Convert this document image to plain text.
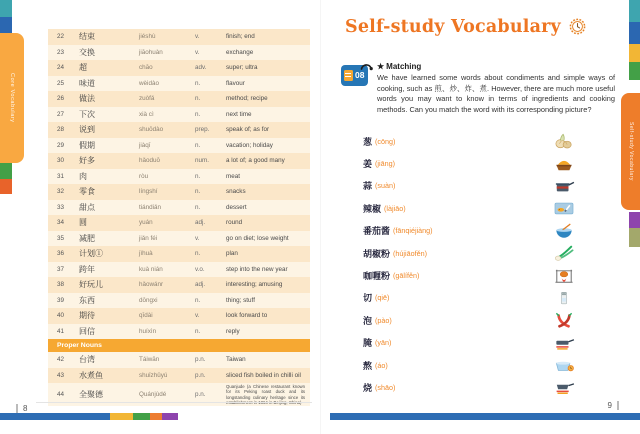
Core Vocabulary
22	结束	jiéshù	v.	finish; end
23	交换	jiāohuàn	v.	exchange
24	超	chāo	adv.	super; ultra
25	味道	wèidào	n.	flavour
26	做法	zuòfǎ	n.	method; recipe
27	下次	xià cì	n.	next time
28	说到	shuōdào	prep.	speak of; as for
29	假期	jiàqī	n.	vacation; holiday
30	好多	hǎoduō	num.	a lot of; a good many
31	肉	ròu	n.	meat
32	零食	língshí	n.	snacks
33	甜点	tiándiǎn	n.	dessert
34	圆	yuán	adj.	round
35	减肥	jiǎn féi	v.	go on diet; lose weight
36	计划①	jìhuà	n.	plan
37	跨年	kuà nián	v.o.	step into the new year
38	好玩儿	hǎowánr	adj.	interesting; amusing
39	东西	dōngxi	n.	thing; stuff
40	期待	qīdài	v.	look forward to
41	回信	huíxìn	n.	reply
Proper Nouns
42	台湾	Táiwān	p.n.	Taiwan
43	水煮鱼	shuǐzhǔyú	p.n.	sliced fish boiled in chilli oil
44	全聚德	Quánjùdé	p.n.
Quanjude (a Chinese restaurant known for its Peking roast duck and its longstanding culinary heritage since its establishment in 1864 in Beijing, China)
8
Self-study Vocabulary
08
★ Matching
We have learned some words about condiments and simple ways of cooking, such as 煎、炒、炸、煮. However, there are much more useful words you may want to know in terms of ingredients and cooking methods. Can you match the word with its corresponding picture?
葱 (cōng)
姜 (jiāng)
蒜 (suàn)
辣椒 (làjiāo)
番茄酱 (fānqiéjiàng)
胡椒粉 (hújiāofěn)
咖喱粉 (gālífěn)
切 (qiē)
泡 (pào)
腌 (yān)
熬 (áo)
烧 (shāo)
Self-study Vocabulary
9
